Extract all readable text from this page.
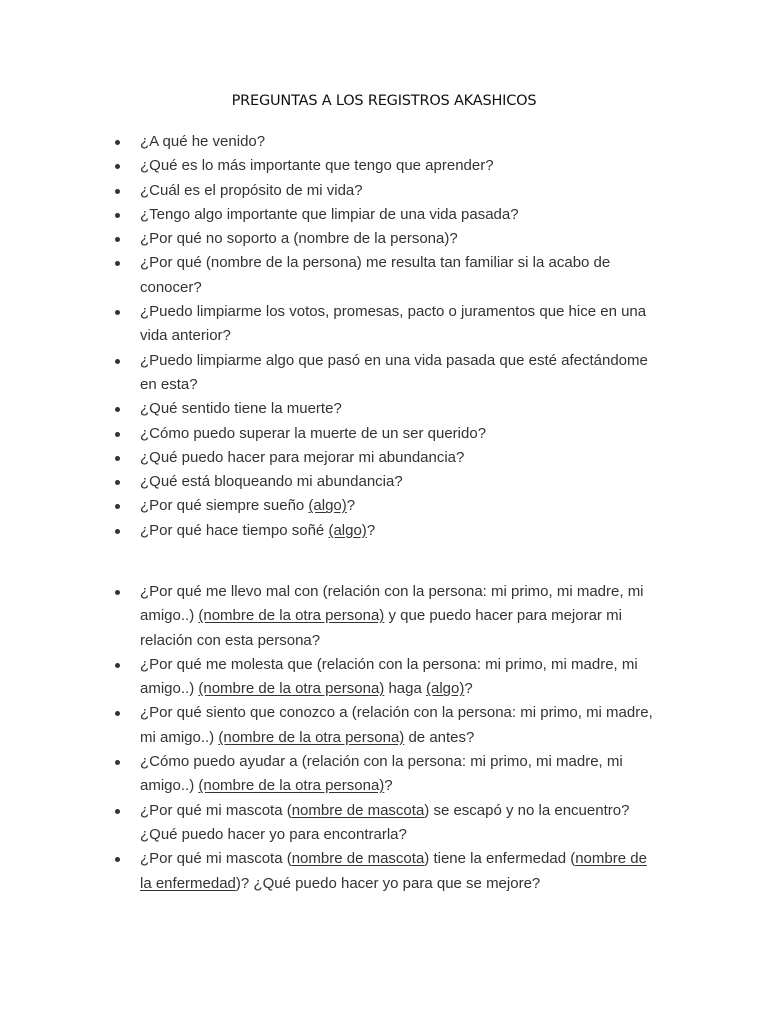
PREGUNTAS A LOS REGISTROS AKASHICOS
¿A qué he venido?
¿Qué es lo más importante que tengo que aprender?
¿Cuál es el propósito de mi vida?
¿Tengo algo importante que limpiar de una vida pasada?
¿Por qué no soporto a (nombre de la persona)?
¿Por qué (nombre de la persona) me resulta tan familiar si la acabo de conocer?
¿Puedo limpiarme los votos, promesas, pacto o juramentos que hice en una vida anterior?
¿Puedo limpiarme algo que pasó en una vida pasada que esté afectándome en esta?
¿Qué sentido tiene la muerte?
¿Cómo puedo superar la muerte de un ser querido?
¿Qué puedo hacer para mejorar mi abundancia?
¿Qué está bloqueando mi abundancia?
¿Por qué siempre sueño (algo)?
¿Por qué hace tiempo soñé (algo)?
¿Por qué me llevo mal con (relación con la persona: mi primo, mi madre, mi amigo..) (nombre de la otra persona) y que puedo hacer para mejorar mi relación con esta persona?
¿Por qué me molesta que (relación con la persona: mi primo, mi madre, mi amigo..) (nombre de la otra persona) haga (algo)?
¿Por qué siento que conozco a (relación con la persona: mi primo, mi madre, mi amigo..) (nombre de la otra persona) de antes?
¿Cómo puedo ayudar a (relación con la persona: mi primo, mi madre, mi amigo..) (nombre de la otra persona)?
¿Por qué mi mascota (nombre de mascota) se escapó y no la encuentro? ¿Qué puedo hacer yo para encontrarla?
¿Por qué mi mascota (nombre de mascota) tiene la enfermedad (nombre de la enfermedad)? ¿Qué puedo hacer yo para que se mejore?
